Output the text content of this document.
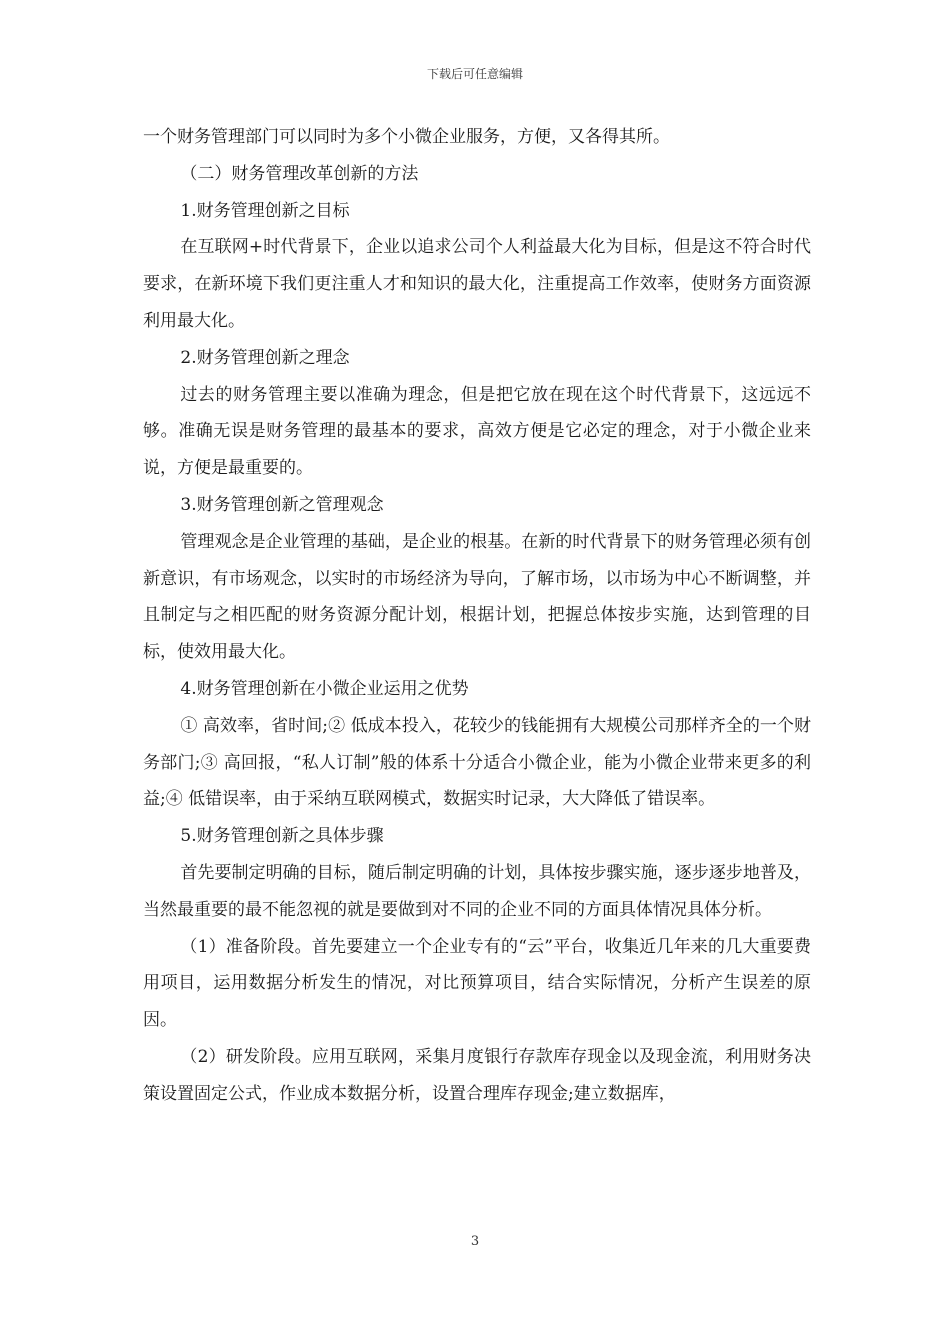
下载后可任意编辑

一个财务管理部门可以同时为多个小微企业服务，方便，又各得其所。

（二）财务管理改革创新的方法

1.财务管理创新之目标

在互联网+时代背景下，企业以追求公司个人利益最大化为目标，但是这不符合时代要求，在新环境下我们更注重人才和知识的最大化，注重提高工作效率，使财务方面资源利用最大化。

2.财务管理创新之理念

过去的财务管理主要以准确为理念，但是把它放在现在这个时代背景下，这远远不够。准确无误是财务管理的最基本的要求，高效方便是它必定的理念，对于小微企业来说，方便是最重要的。

3.财务管理创新之管理观念

管理观念是企业管理的基础，是企业的根基。在新的时代背景下的财务管理必须有创新意识，有市场观念，以实时的市场经济为导向，了解市场，以市场为中心不断调整，并且制定与之相匹配的财务资源分配计划，根据计划，把握总体按步实施，达到管理的目标，使效用最大化。

4.财务管理创新在小微企业运用之优势

① 高效率，省时间;② 低成本投入，花较少的钱能拥有大规模公司那样齐全的一个财务部门;③ 高回报，“私人订制”般的体系十分适合小微企业，能为小微企业带来更多的利益;④ 低错误率，由于采纳互联网模式，数据实时记录，大大降低了错误率。

5.财务管理创新之具体步骤

首先要制定明确的目标，随后制定明确的计划，具体按步骤实施，逐步逐步地普及，当然最重要的最不能忽视的就是要做到对不同的企业不同的方面具体情况具体分析。

（1）准备阶段。首先要建立一个企业专有的“云”平台，收集近几年来的几大重要费用项目，运用数据分析发生的情况，对比预算项目，结合实际情况，分析产生误差的原因。

（2）研发阶段。应用互联网，采集月度银行存款库存现金以及现金流，利用财务决策设置固定公式，作业成本数据分析，设置合理库存现金;建立数据库，

3
